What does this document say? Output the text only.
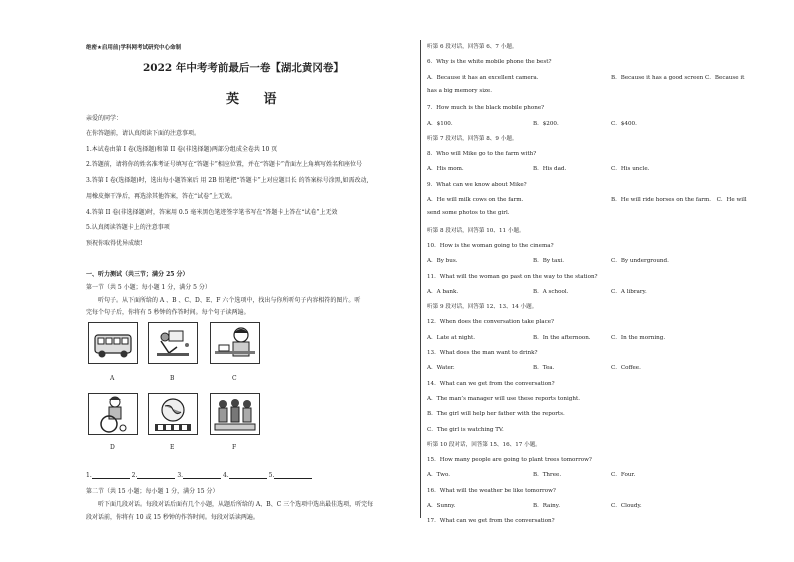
绝密★启用前|学科网考试研究中心命制
2022 年中考考前最后一卷【湖北黄冈卷】
英 语
亲爱的同学：
在你答题前，请认真阅读下面的注意事项。
1.本试卷由第 I 卷(选择题)和第 II 卷(非选择题)两部分组成全卷共 10 页
2.答题前，请将你的姓名准考证号填写在“答题卡”相应位置，并在“答题卡”背面左上角填写姓名和座位号
3.答第 I 卷(选择题)时，选出每小题答案后 用 2B 铅笔把“答题卡”上对应题目长 的答案标号涂黑,如需改动,
用橡皮擦干净后，再选涂其他答案，答在“试卷”上无效。
4.答第 II 卷(非选择题)时，答案用 0.5 毫米黑色笔迹签字笔书写在“答题卡上答在“试卷”上无效
5.认真阅读答题卡上的注意事项
预祝你取得优异成绩!
一、听力测试（共三节；满分 25 分）
第一节（共 5 小题；每小题 1 分，满分 5 分）
听句子。从下面所给的 A 、B 、C、D、E、F 六个选项中，找出与你所听句子内容相符的图片。听
完每个句子后，你将有 5 秒钟的作答时间。每个句子读两遍。
A	B	C
D	E	F
1.	2.	3.	4.	5.
第二节（共 15 小题；每小题 1 分，满分 15 分）
听下面几段对话。每段对话后面有几个小题，从题后所给的 A、B、C 三个选项中选出最佳选项，听完每
段对话前，你将有 10 或 15 秒钟的作答时间。每段对话读两遍。
听第 6 段对话，回答第 6、7 小题。
6．Why is the white mobile phone the best?
A．Because it has an excellent camera.	B．Because it has a good screen C．Because it
has a big memory size.
7．How much is the black mobile phone?
A．$100.	B．$200.	C．$400.
听第 7 段对话，回答第 8、9 小题。
8．Who will Mike go to the farm with?
A．His mom.	B．His dad.	C．His uncle.
9．What can we know about Mike?
A．He will milk cows on the farm.	B．He will ride horses on the farm． C．He will
send some photos to the girl.
听第 8 段对话，回答第 10、11 小题。
10．How is the woman going to the cinema?
A．By bus.	B．By taxi.	C．By underground.
11．What will the woman go past on the way to the station?
A．A bank.	B．A school.	C．A library.
听第 9 段对话，回答第 12、13、14 小题。
12．When does the conversation take place?
A．Late at night.	B．In the afternoon.	C．In the morning.
13．What does the man want to drink?
A．Water.	B．Tea.	C．Coffee.
14．What can we get from the conversation?
A．The man’s manager will use these reports tonight.
B．The girl will help her father with the reports.
C．The girl is watching TV.
听第 10 段对话，回答第 15、16、17 小题。
15．How many people are going to plant trees tomorrow?
A．Two.	B．Three.	C．Four.
16．What will the weather be like tomorrow?
A．Sunny.	B．Rainy.	C．Cloudy.
17．What can we get from the conversation?
